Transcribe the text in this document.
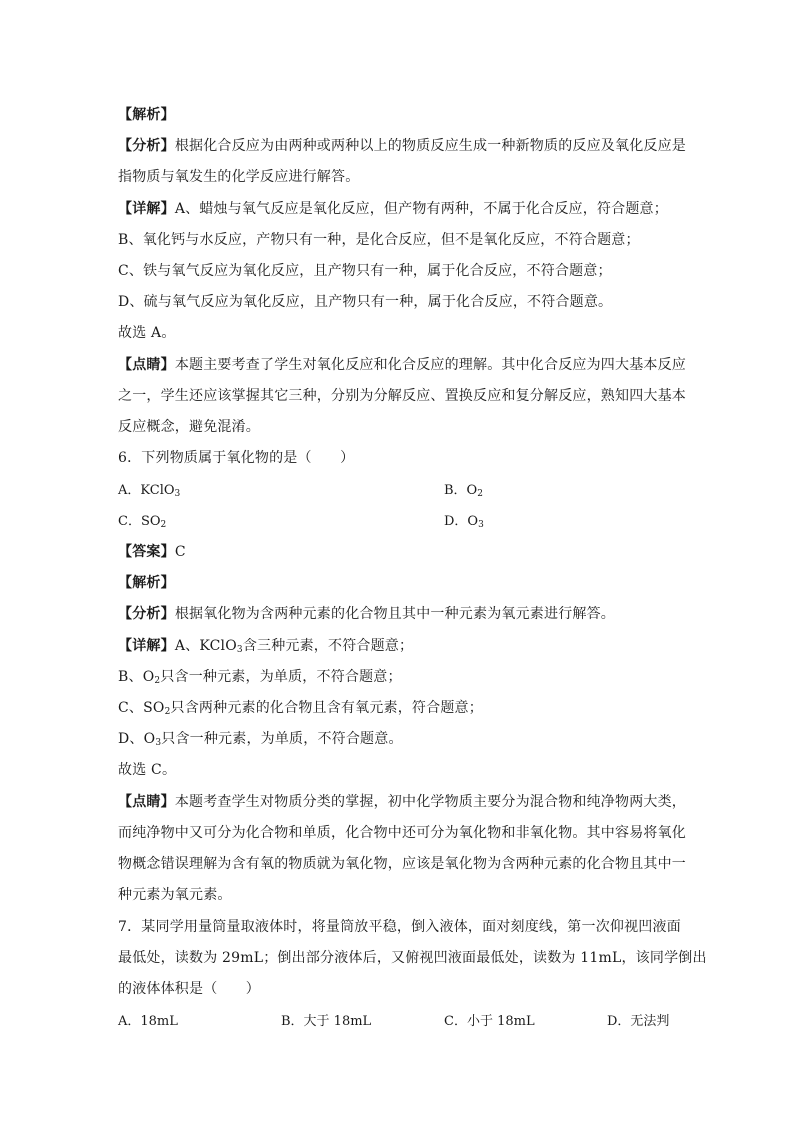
【解析】
【分析】根据化合反应为由两种或两种以上的物质反应生成一种新物质的反应及氧化反应是
指物质与氧发生的化学反应进行解答。
【详解】A、蜡烛与氧气反应是氧化反应，但产物有两种，不属于化合反应，符合题意；
B、氧化钙与水反应，产物只有一种，是化合反应，但不是氧化反应，不符合题意；
C、铁与氧气反应为氧化反应，且产物只有一种，属于化合反应，不符合题意；
D、硫与氧气反应为氧化反应，且产物只有一种，属于化合反应，不符合题意。
故选 A。
【点睛】本题主要考查了学生对氧化反应和化合反应的理解。其中化合反应为四大基本反应
之一，学生还应该掌握其它三种，分别为分解反应、置换反应和复分解反应，熟知四大基本
反应概念，避免混淆。
6．下列物质属于氧化物的是（　　）
A．KClO$_3$	B．$O_2$
C．$SO_2$	D．$O_3$
【答案】C
【解析】
【分析】根据氧化物为含两种元素的化合物且其中一种元素为氧元素进行解答。
【详解】A、KClO$_3$含三种元素，不符合题意；
B、$O_2$只含一种元素，为单质，不符合题意；
C、$SO_2$只含两种元素的化合物且含有氧元素，符合题意；
D、$O_3$只含一种元素，为单质，不符合题意。
故选 C。
【点睛】本题考查学生对物质分类的掌握，初中化学物质主要分为混合物和纯净物两大类，
而纯净物中又可分为化合物和单质，化合物中还可分为氧化物和非氧化物。其中容易将氧化
物概念错误理解为含有氧的物质就为氧化物，应该是氧化物为含两种元素的化合物且其中一
种元素为氧元素。
7．某同学用量筒量取液体时，将量筒放平稳，倒入液体，面对刻度线，第一次仰视凹液面
最低处，读数为 29mL；倒出部分液体后，又俯视凹液面最低处，读数为 11mL，该同学倒出
的液体体积是（　　）
A．18mL	B．大于 18mL	C．小于 18mL	D．无法判
